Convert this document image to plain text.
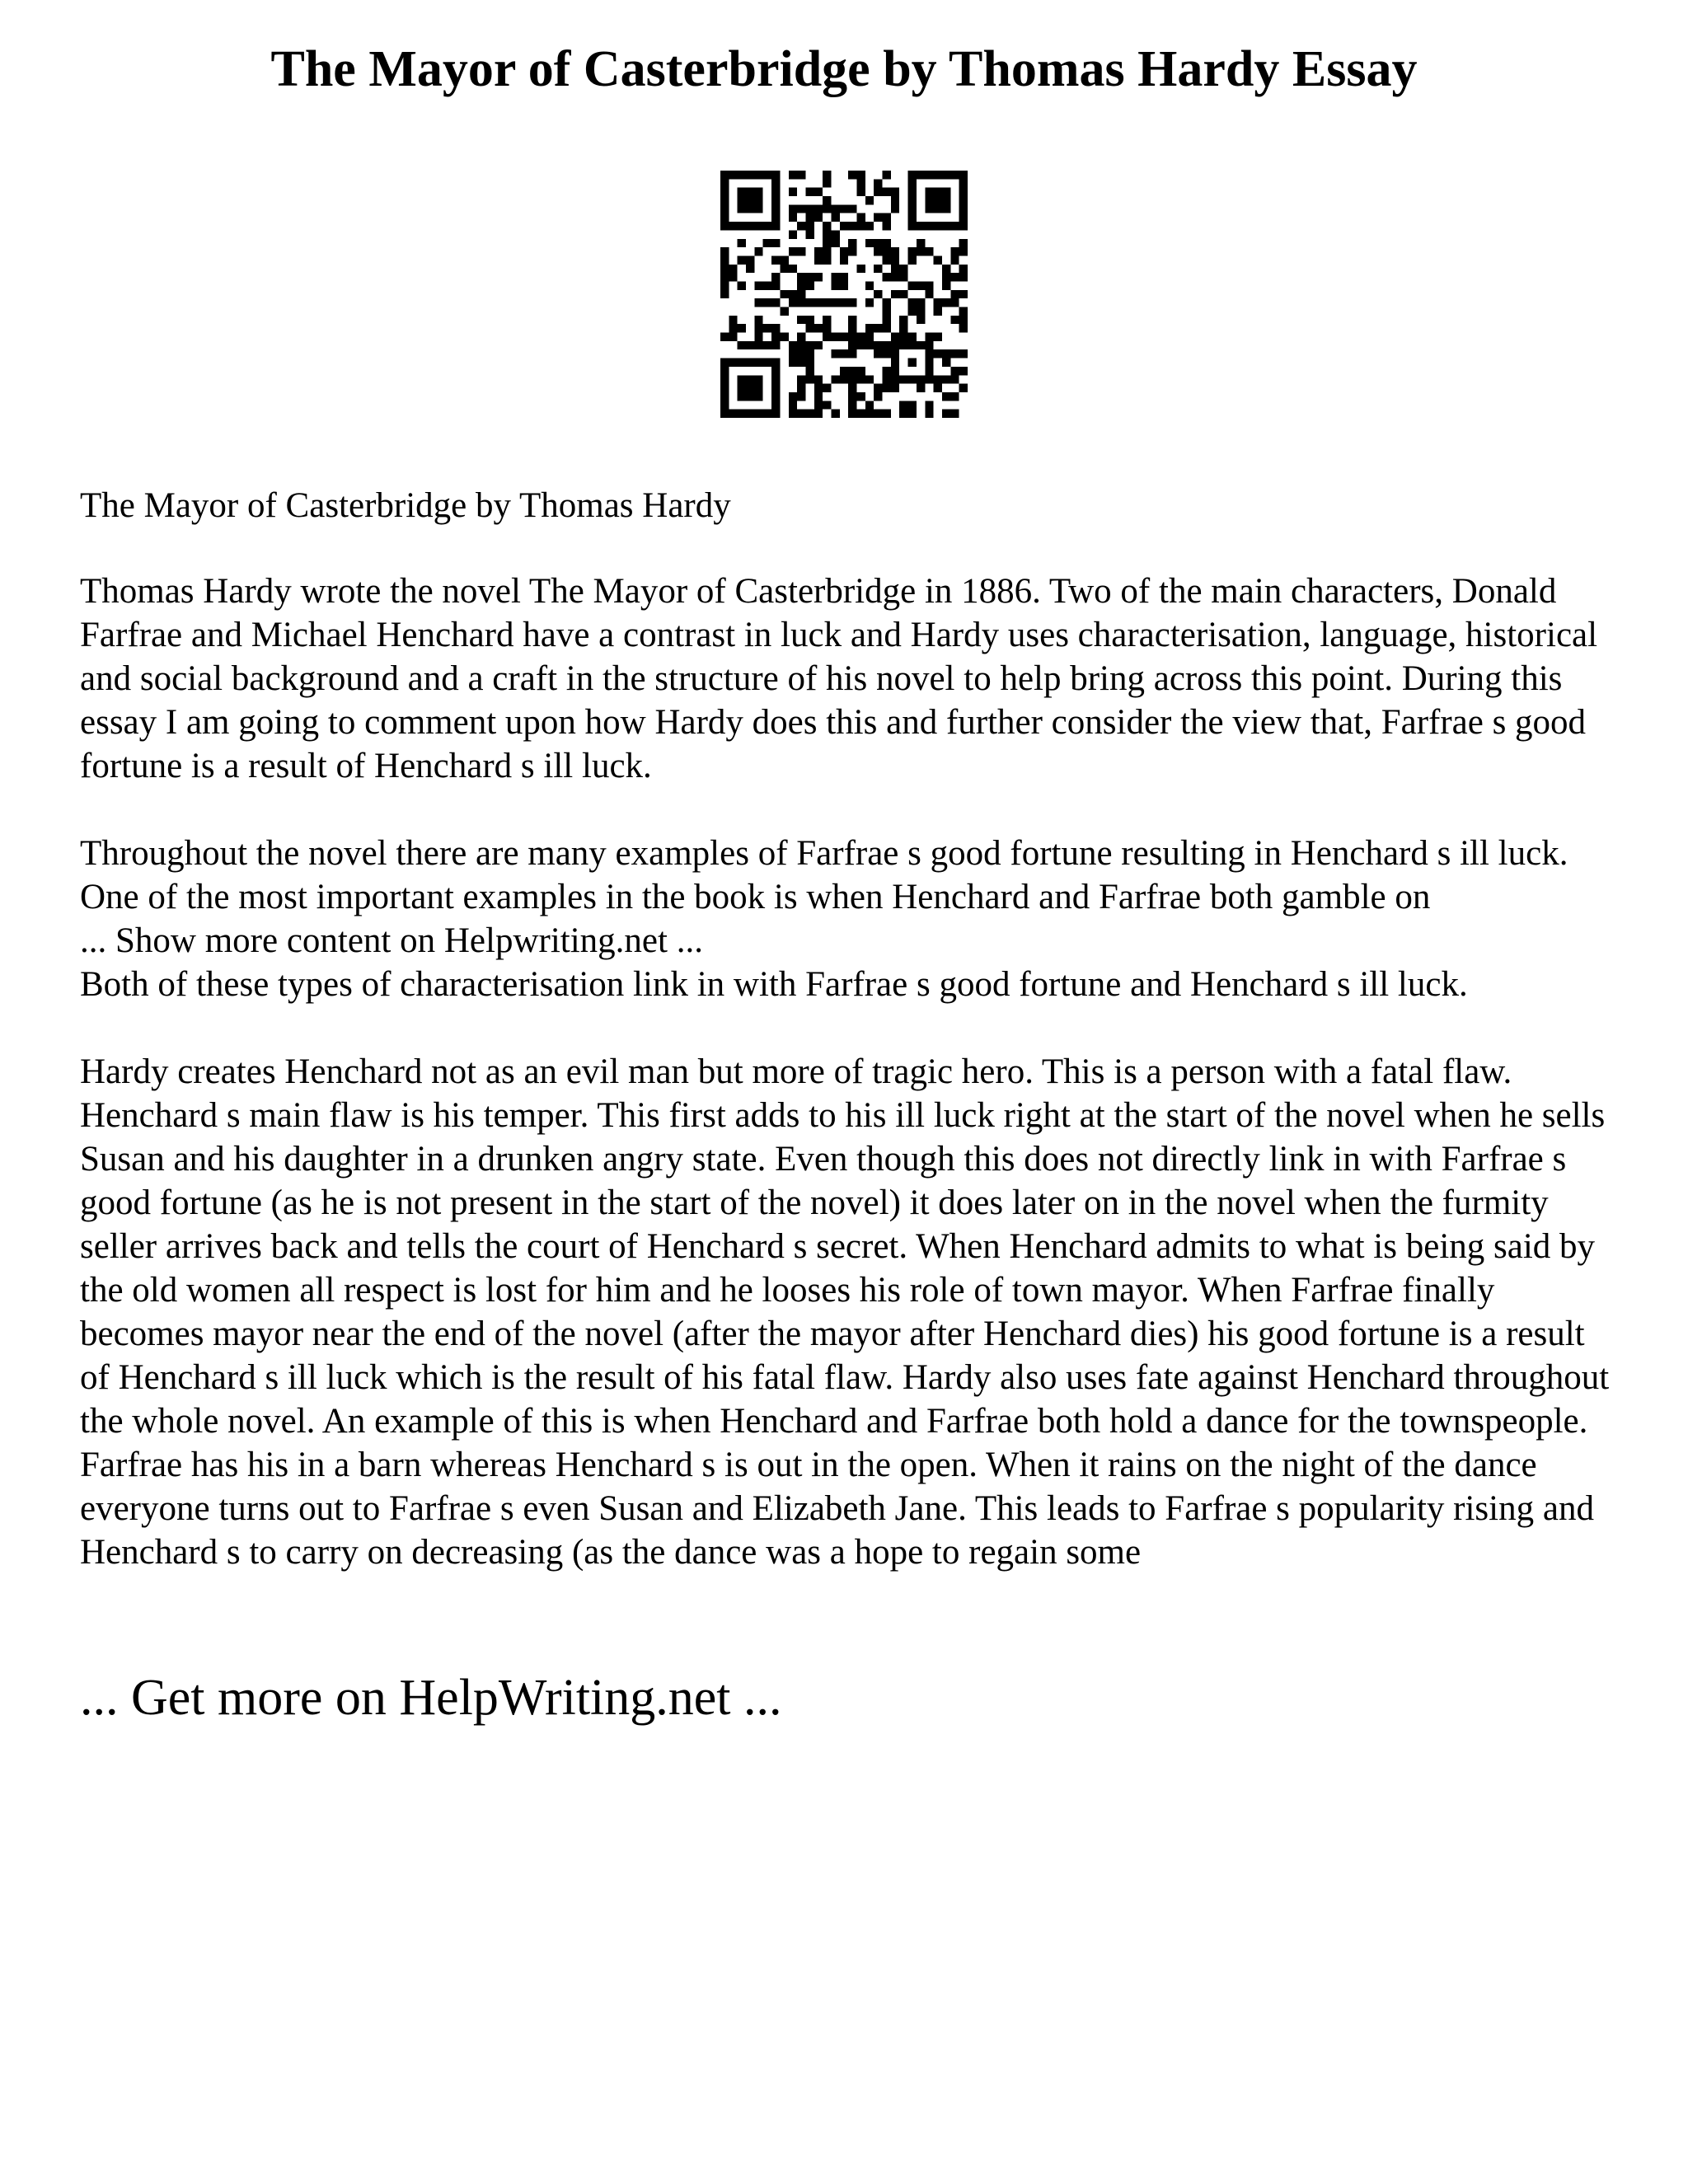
The Mayor of Casterbridge by Thomas Hardy Essay

The Mayor of Casterbridge by Thomas Hardy

Thomas Hardy wrote the novel The Mayor of Casterbridge in 1886. Two of the main characters, Donald Farfrae and Michael Henchard have a contrast in luck and Hardy uses characterisation, language, historical and social background and a craft in the structure of his novel to help bring across this point. During this essay I am going to comment upon how Hardy does this and further consider the view that, Farfrae s good fortune is a result of Henchard s ill luck.

Throughout the novel there are many examples of Farfrae s good fortune resulting in Henchard s ill luck. One of the most important examples in the book is when Henchard and Farfrae both gamble on

... Show more content on Helpwriting.net ...

Both of these types of characterisation link in with Farfrae s good fortune and Henchard s ill luck.

Hardy creates Henchard not as an evil man but more of tragic hero. This is a person with a fatal flaw. Henchard s main flaw is his temper. This first adds to his ill luck right at the start of the novel when he sells Susan and his daughter in a drunken angry state. Even though this does not directly link in with Farfrae s good fortune (as he is not present in the start of the novel) it does later on in the novel when the furmity seller arrives back and tells the court of Henchard s secret. When Henchard admits to what is being said by the old women all respect is lost for him and he looses his role of town mayor. When Farfrae finally becomes mayor near the end of the novel (after the mayor after Henchard dies) his good fortune is a result of Henchard s ill luck which is the result of his fatal flaw. Hardy also uses fate against Henchard throughout the whole novel. An example of this is when Henchard and Farfrae both hold a dance for the townspeople. Farfrae has his in a barn whereas Henchard s is out in the open. When it rains on the night of the dance everyone turns out to Farfrae s even Susan and Elizabeth Jane. This leads to Farfrae s popularity rising and Henchard s to carry on decreasing (as the dance was a hope to regain some

... Get more on HelpWriting.net ...
